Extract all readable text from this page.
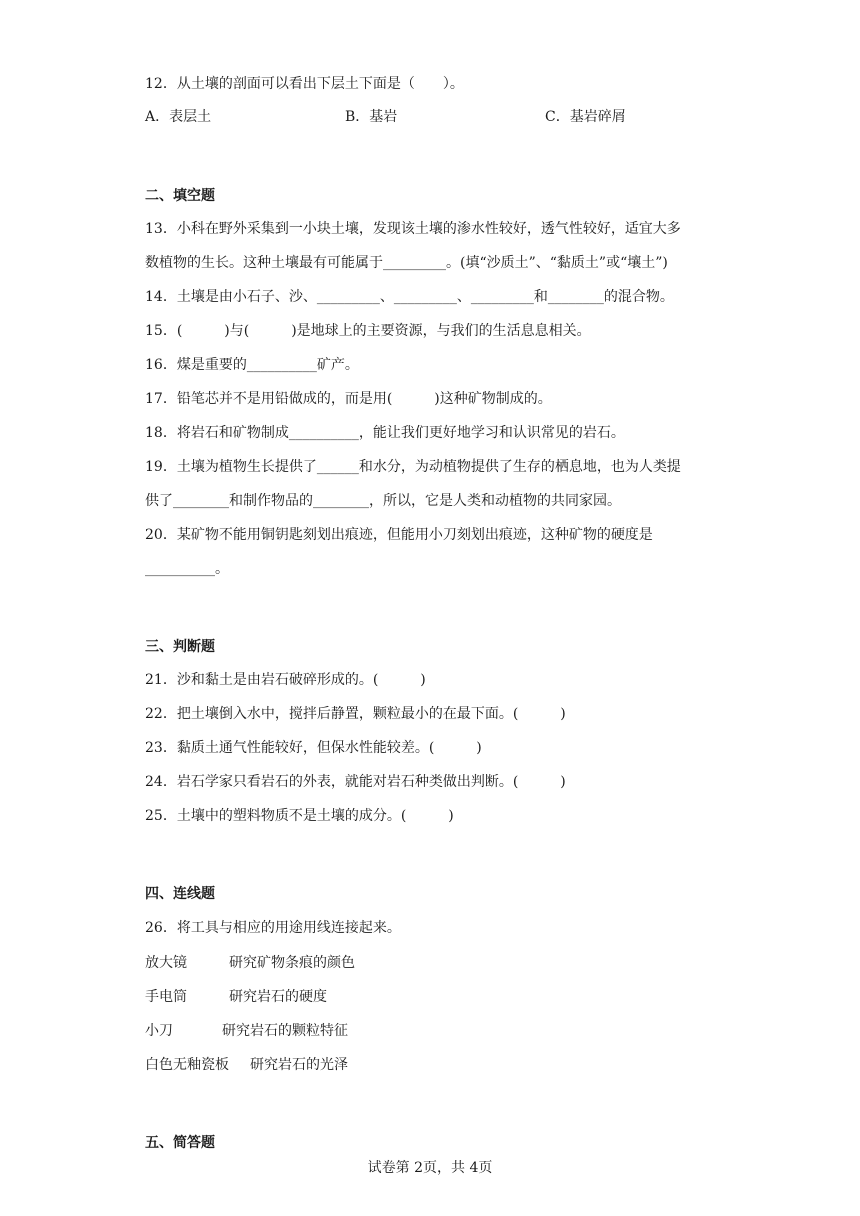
12．从土壤的剖面可以看出下层土下面是（　　）。
A．表层土	B．基岩	C．基岩碎屑
二、填空题
13．小科在野外采集到一小块土壤，发现该土壤的渗水性较好，透气性较好，适宜大多
数植物的生长。这种土壤最有可能属于_________。(填“沙质土”、“黏质土”或“壤土”)
14．土壤是由小石子、沙、_________、_________、_________和________的混合物。
15．(　　　)与(　　　)是地球上的主要资源，与我们的生活息息相关。
16．煤是重要的__________矿产。
17．铅笔芯并不是用铅做成的，而是用(　　　)这种矿物制成的。
18．将岩石和矿物制成__________，能让我们更好地学习和认识常见的岩石。
19．土壤为植物生长提供了______和水分，为动植物提供了生存的栖息地，也为人类提
供了________和制作物品的________，所以，它是人类和动植物的共同家园。
20．某矿物不能用铜钥匙刻划出痕迹，但能用小刀刻划出痕迹，这种矿物的硬度是
__________。
三、判断题
21．沙和黏土是由岩石破碎形成的。(　　　)
22．把土壤倒入水中，搅拌后静置，颗粒最小的在最下面。(　　　)
23．黏质土通气性能较好，但保水性能较差。(　　　)
24．岩石学家只看岩石的外表，就能对岩石种类做出判断。(　　　)
25．土壤中的塑料物质不是土壤的成分。(　　　)
四、连线题
26．将工具与相应的用途用线连接起来。
放大镜	研究矿物条痕的颜色
手电筒	研究岩石的硬度
小刀	研究岩石的颗粒特征
白色无釉瓷板 研究岩石的光泽
五、简答题
试卷第 2页，共 4页
